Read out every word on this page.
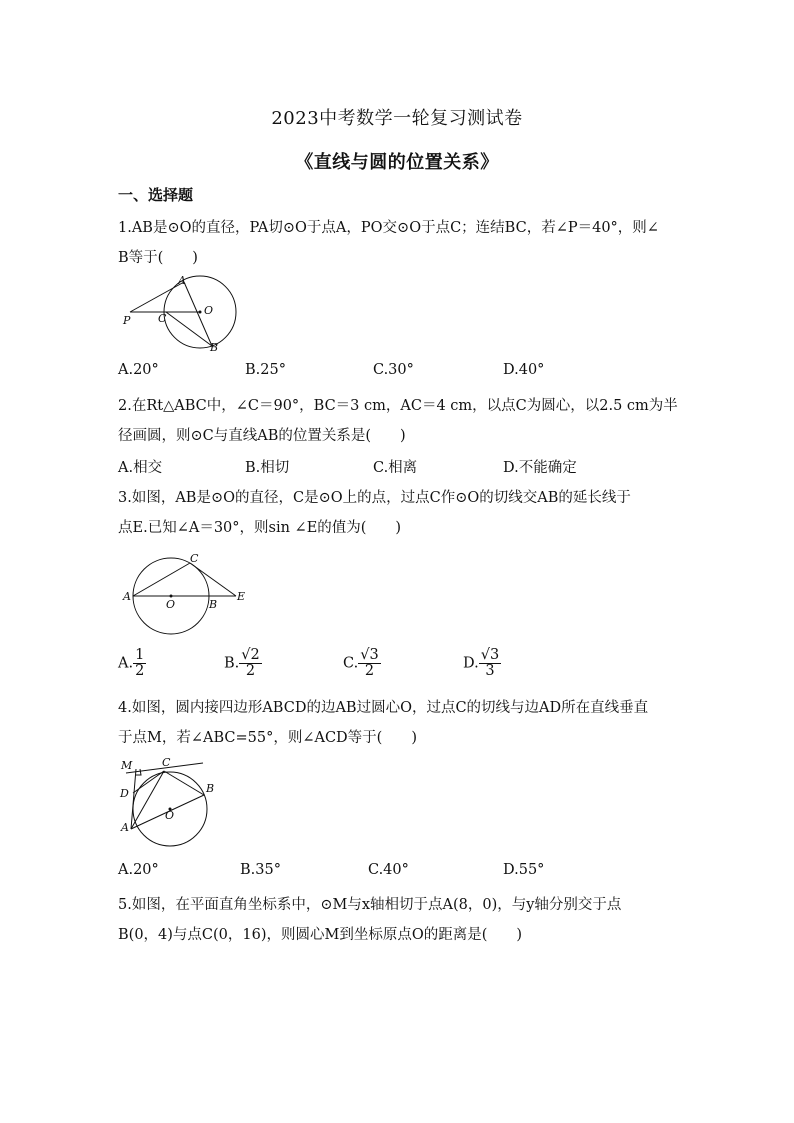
2023中考数学一轮复习测试卷
《直线与圆的位置关系》
一、选择题
1.AB是⊙O的直径，PA切⊙O于点A，PO交⊙O于点C；连结BC，若∠P＝40°，则∠
B等于(　　)
A
O
P	C
B
A.20°	B.25°	C.30°	D.40°
2.在Rt△ABC中，∠C＝90°，BC＝3 cm，AC＝4 cm，以点C为圆心，以2.5 cm为半
径画圆，则⊙C与直线AB的位置关系是(　　)
A.相交	B.相切	C.相离	D.不能确定
3.如图，AB是⊙O的直径，C是⊙O上的点，过点C作⊙O的切线交AB的延长线于
点E.已知∠A＝30°，则sin ∠E的值为(　　)
C
A
O	B
E
A. $\frac{1}{2}$	B. $\frac{√2}{2}$	C. $\frac{√3}{2}$	D. $\frac{√3}{3}$
4.如图，圆内接四边形ABCD的边AB过圆心O，过点C的切线与边AD所在直线垂直
于点M，若∠ABC=55°，则∠ACD等于(　　)
M	C
D	B
O
A
A.20°	B.35°	C.40°	D.55°
5.如图，在平面直角坐标系中，⊙M与x轴相切于点A(8，0)，与y轴分别交于点
B(0，4)与点C(0，16)，则圆心M到坐标原点O的距离是(　　)
